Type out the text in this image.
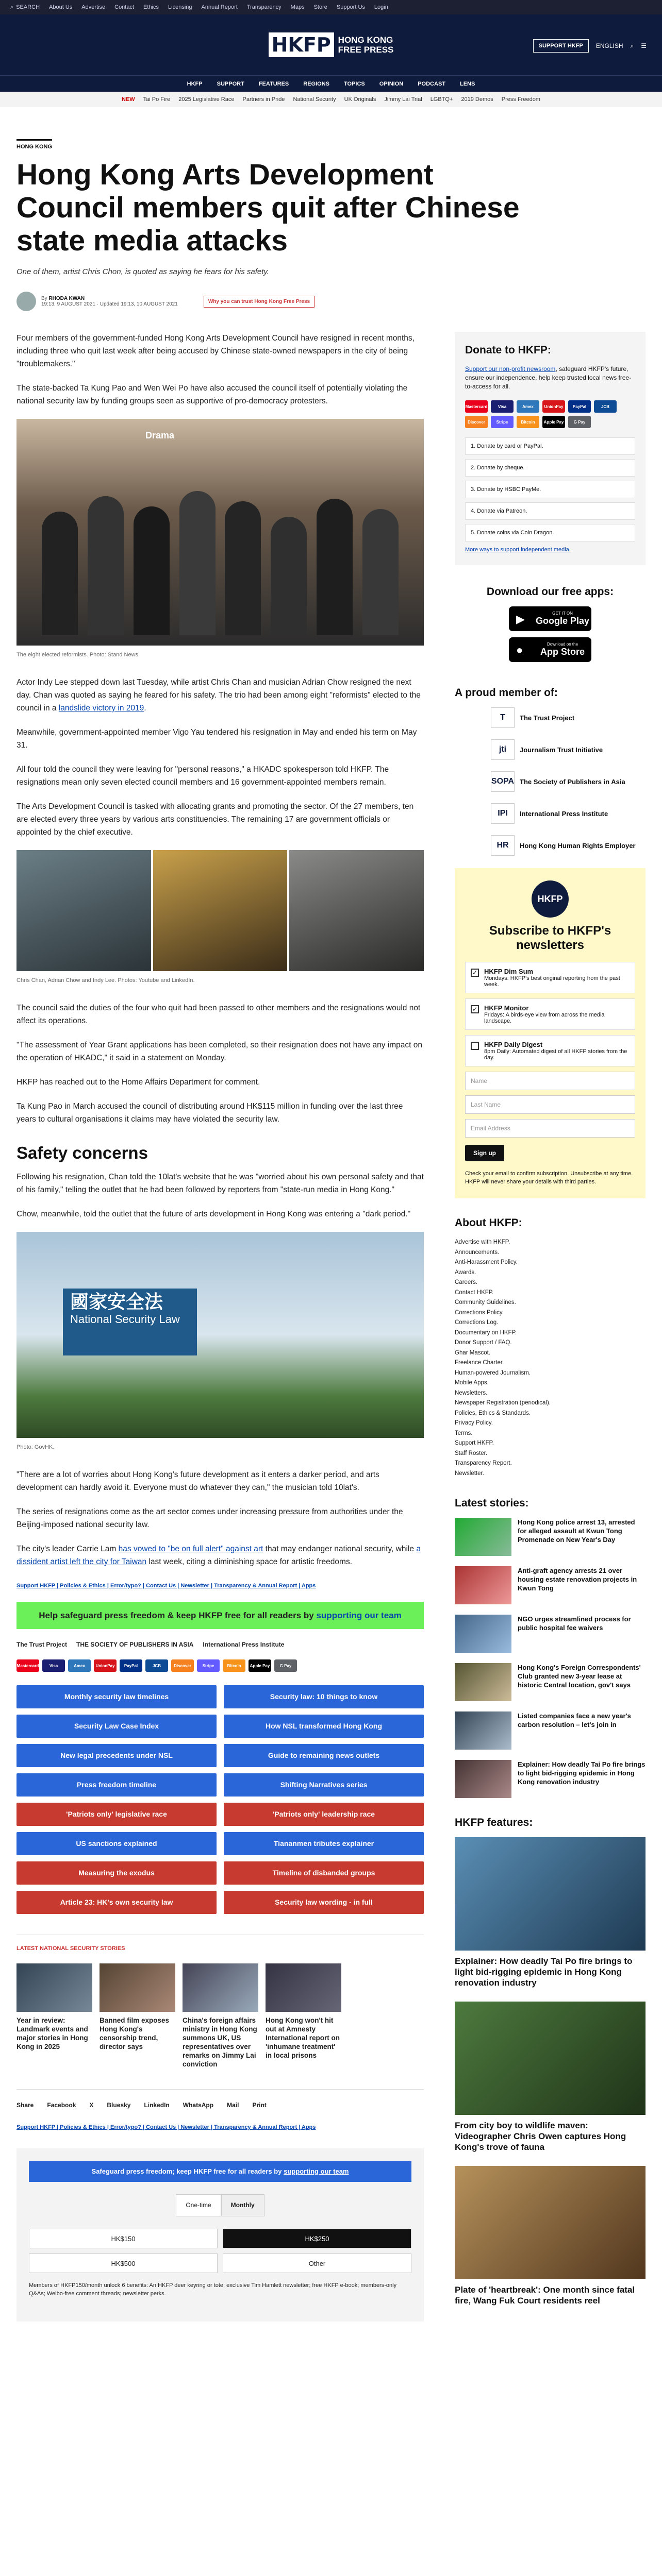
⌕ SEARCH About Us Advertise Contact Ethics Licensing Annual Report Transparency Maps Store Support Us Login
HKFP HONG KONG
FREE PRESS	SUPPORT HKFP	ENGLISH ⌕ ☰
HKFP	SUPPORT	FEATURES	REGIONS	TOPICS	OPINION	PODCAST	LENS
NEW Tai Po Fire 2025 Legislative Race Partners in Pride National Security UK Originals Jimmy Lai Trial LGBTQ+ 2019 Demos Press Freedom
HONG KONG
Hong Kong Arts Development Council members quit after Chinese state media attacks
One of them, artist Chris Chon, is quoted as saying he fears for his safety.
By RHODA KWAN
19:13, 9 AUGUST 2021 · Updated 19:13, 10 AUGUST 2021	Why you can trust Hong Kong Free Press

Four members of the government-funded Hong Kong Arts Development Council have resigned in recent months, including three who quit last week after being accused by Chinese state-owned newspapers in the city of being "troublemakers."

The state-backed Ta Kung Pao and Wen Wei Po have also accused the council itself of potentially violating the national security law by funding groups seen as supportive of pro-democracy protesters.

Drama
The eight elected reformists. Photo: Stand News.

Actor Indy Lee stepped down last Tuesday, while artist Chris Chan and musician Adrian Chow resigned the next day. Chan was quoted as saying he feared for his safety. The trio had been among eight "reformists" elected to the council in a landslide victory in 2019.

Meanwhile, government-appointed member Vigo Yau tendered his resignation in May and ended his term on May 31.

All four told the council they were leaving for "personal reasons," a HKADC spokesperson told HKFP. The resignations mean only seven elected council members and 16 government-appointed members remain.

The Arts Development Council is tasked with allocating grants and promoting the sector. Of the 27 members, ten are elected every three years by various arts constituencies. The remaining 17 are government officials or appointed by the chief executive.

Chris Chan, Adrian Chow and Indy Lee. Photos: Youtube and LinkedIn.

The council said the duties of the four who quit had been passed to other members and the resignations would not affect its operations.

"The assessment of Year Grant applications has been completed, so their resignation does not have any impact on the operation of HKADC," it said in a statement on Monday.

HKFP has reached out to the Home Affairs Department for comment.

Ta Kung Pao in March accused the council of distributing around HK$115 million in funding over the last three years to cultural organisations it claims may have violated the security law.

Safety concerns

Following his resignation, Chan told the 10lat's website that he was "worried about his own personal safety and that of his family," telling the outlet that he had been followed by reporters from "state-run media in Hong Kong."

Chow, meanwhile, told the outlet that the future of arts development in Hong Kong was entering a "dark period."

國家安全法
National Security Law
Photo: GovHK.

"There are a lot of worries about Hong Kong's future development as it enters a darker period, and arts development can hardly avoid it. Everyone must do whatever they can," the musician told 10lat's.

The series of resignations come as the art sector comes under increasing pressure from authorities under the Beijing-imposed national security law.

The city's leader Carrie Lam has vowed to "be on full alert" against art that may endanger national security, while a dissident artist left the city for Taiwan last week, citing a diminishing space for artistic freedoms.

Support HKFP | Policies & Ethics | Error/typo? | Contact Us | Newsletter | Transparency & Annual Report | Apps
Help safeguard press freedom & keep HKFP free for all readers by supporting our team
The Trust Project THE SOCIETY OF PUBLISHERS IN ASIA International Press Institute
Mastercard	Visa	Amex	UnionPay	PayPal	JCB	Discover	Stripe	Bitcoin	Apple Pay	G Pay
Monthly security law timelines	Security law: 10 things to know
Security Law Case Index	How NSL transformed Hong Kong
New legal precedents under NSL	Guide to remaining news outlets
Press freedom timeline	Shifting Narratives series
'Patriots only' legislative race	'Patriots only' leadership race
US sanctions explained	Tiananmen tributes explainer
Measuring the exodus	Timeline of disbanded groups
Article 23: HK's own security law	Security law wording - in full
LATEST NATIONAL SECURITY STORIES
Year in review: Landmark events and major stories in Hong Kong in 2025
Banned film exposes Hong Kong's censorship trend, director says
China's foreign affairs ministry in Hong Kong summons UK, US representatives over remarks on Jimmy Lai conviction
Hong Kong won't hit out at Amnesty International report on 'inhumane treatment' in local prisons
Share Facebook X Bluesky LinkedIn WhatsApp Mail Print
Support HKFP | Policies & Ethics | Error/typo? | Contact Us | Newsletter | Transparency & Annual Report | Apps
Safeguard press freedom; keep HKFP free for all readers by supporting our team
One-time	Monthly
HK$150	HK$250
HK$500	Other

Members of HKFP150/month unlock 6 benefits: An HKFP deer keyring or tote; exclusive Tim Hamlett newsletter; free HKFP e-book; members-only Q&As; Weibo-free comment threads; newsletter perks.

Donate to HKFP:

Support our non-profit newsroom, safeguard HKFP's future, ensure our independence, help keep trusted local news free-to-access for all.

Mastercard	Visa	Amex	UnionPay	PayPal	JCB
Discover	Stripe	Bitcoin	Apple Pay	G Pay
1. Donate by card or PayPal.
2. Donate by cheque.
3. Donate by HSBC PayMe.
4. Donate via Patreon.
5. Donate coins via Coin Dragon.
More ways to support independent media.
Download our free apps:
▶	GET IT ON
Google Play
●	Download on the
App Store
A proud member of:
T	The Trust Project
jti	Journalism Trust Initiative
SOPA The Society of Publishers in Asia
IPI	International Press Institute
HR	Hong Kong Human Rights Employer
HKFP
Subscribe to HKFP's newsletters
✓ HKFP Dim Sum
Mondays: HKFP's best original reporting from the past week.
✓ HKFP Monitor
Fridays: A birds-eye view from across the media landscape.
HKFP Daily Digest
8pm Daily: Automated digest of all HKFP stories from the day.
Name
Last Name
Email Address
Sign up

Check your email to confirm subscription. Unsubscribe at any time. HKFP will never share your details with third parties.

About HKFP:
Advertise with HKFP.
Announcements.
Anti-Harassment Policy.
Awards.
Careers.
Contact HKFP.
Community Guidelines.
Corrections Policy.
Corrections Log.
Documentary on HKFP.
Donor Support / FAQ.
Ghar Mascot.
Freelance Charter.
Human-powered Journalism.
Mobile Apps.
Newsletters.
Newspaper Registration (periodical).
Policies, Ethics & Standards.
Privacy Policy.
Terms.
Support HKFP.
Staff Roster.
Transparency Report.
Newsletter.
Latest stories:
Hong Kong police arrest 13, arrested for alleged assault at Kwun Tong Promenade on New Year's Day
Anti-graft agency arrests 21 over housing estate renovation projects in Kwun Tong
NGO urges streamlined process for public hospital fee waivers
Hong Kong's Foreign Correspondents' Club granted new 3-year lease at historic Central location, gov't says
Listed companies face a new year's carbon resolution – let's join in
Explainer: How deadly Tai Po fire brings to light bid-rigging epidemic in Hong Kong renovation industry
HKFP features:

Explainer: How deadly Tai Po fire brings to light bid-rigging epidemic in Hong Kong renovation industry

From city boy to wildlife maven: Videographer Chris Owen captures Hong Kong's trove of fauna

Plate of 'heartbreak': One month since fatal fire, Wang Fuk Court residents reel
